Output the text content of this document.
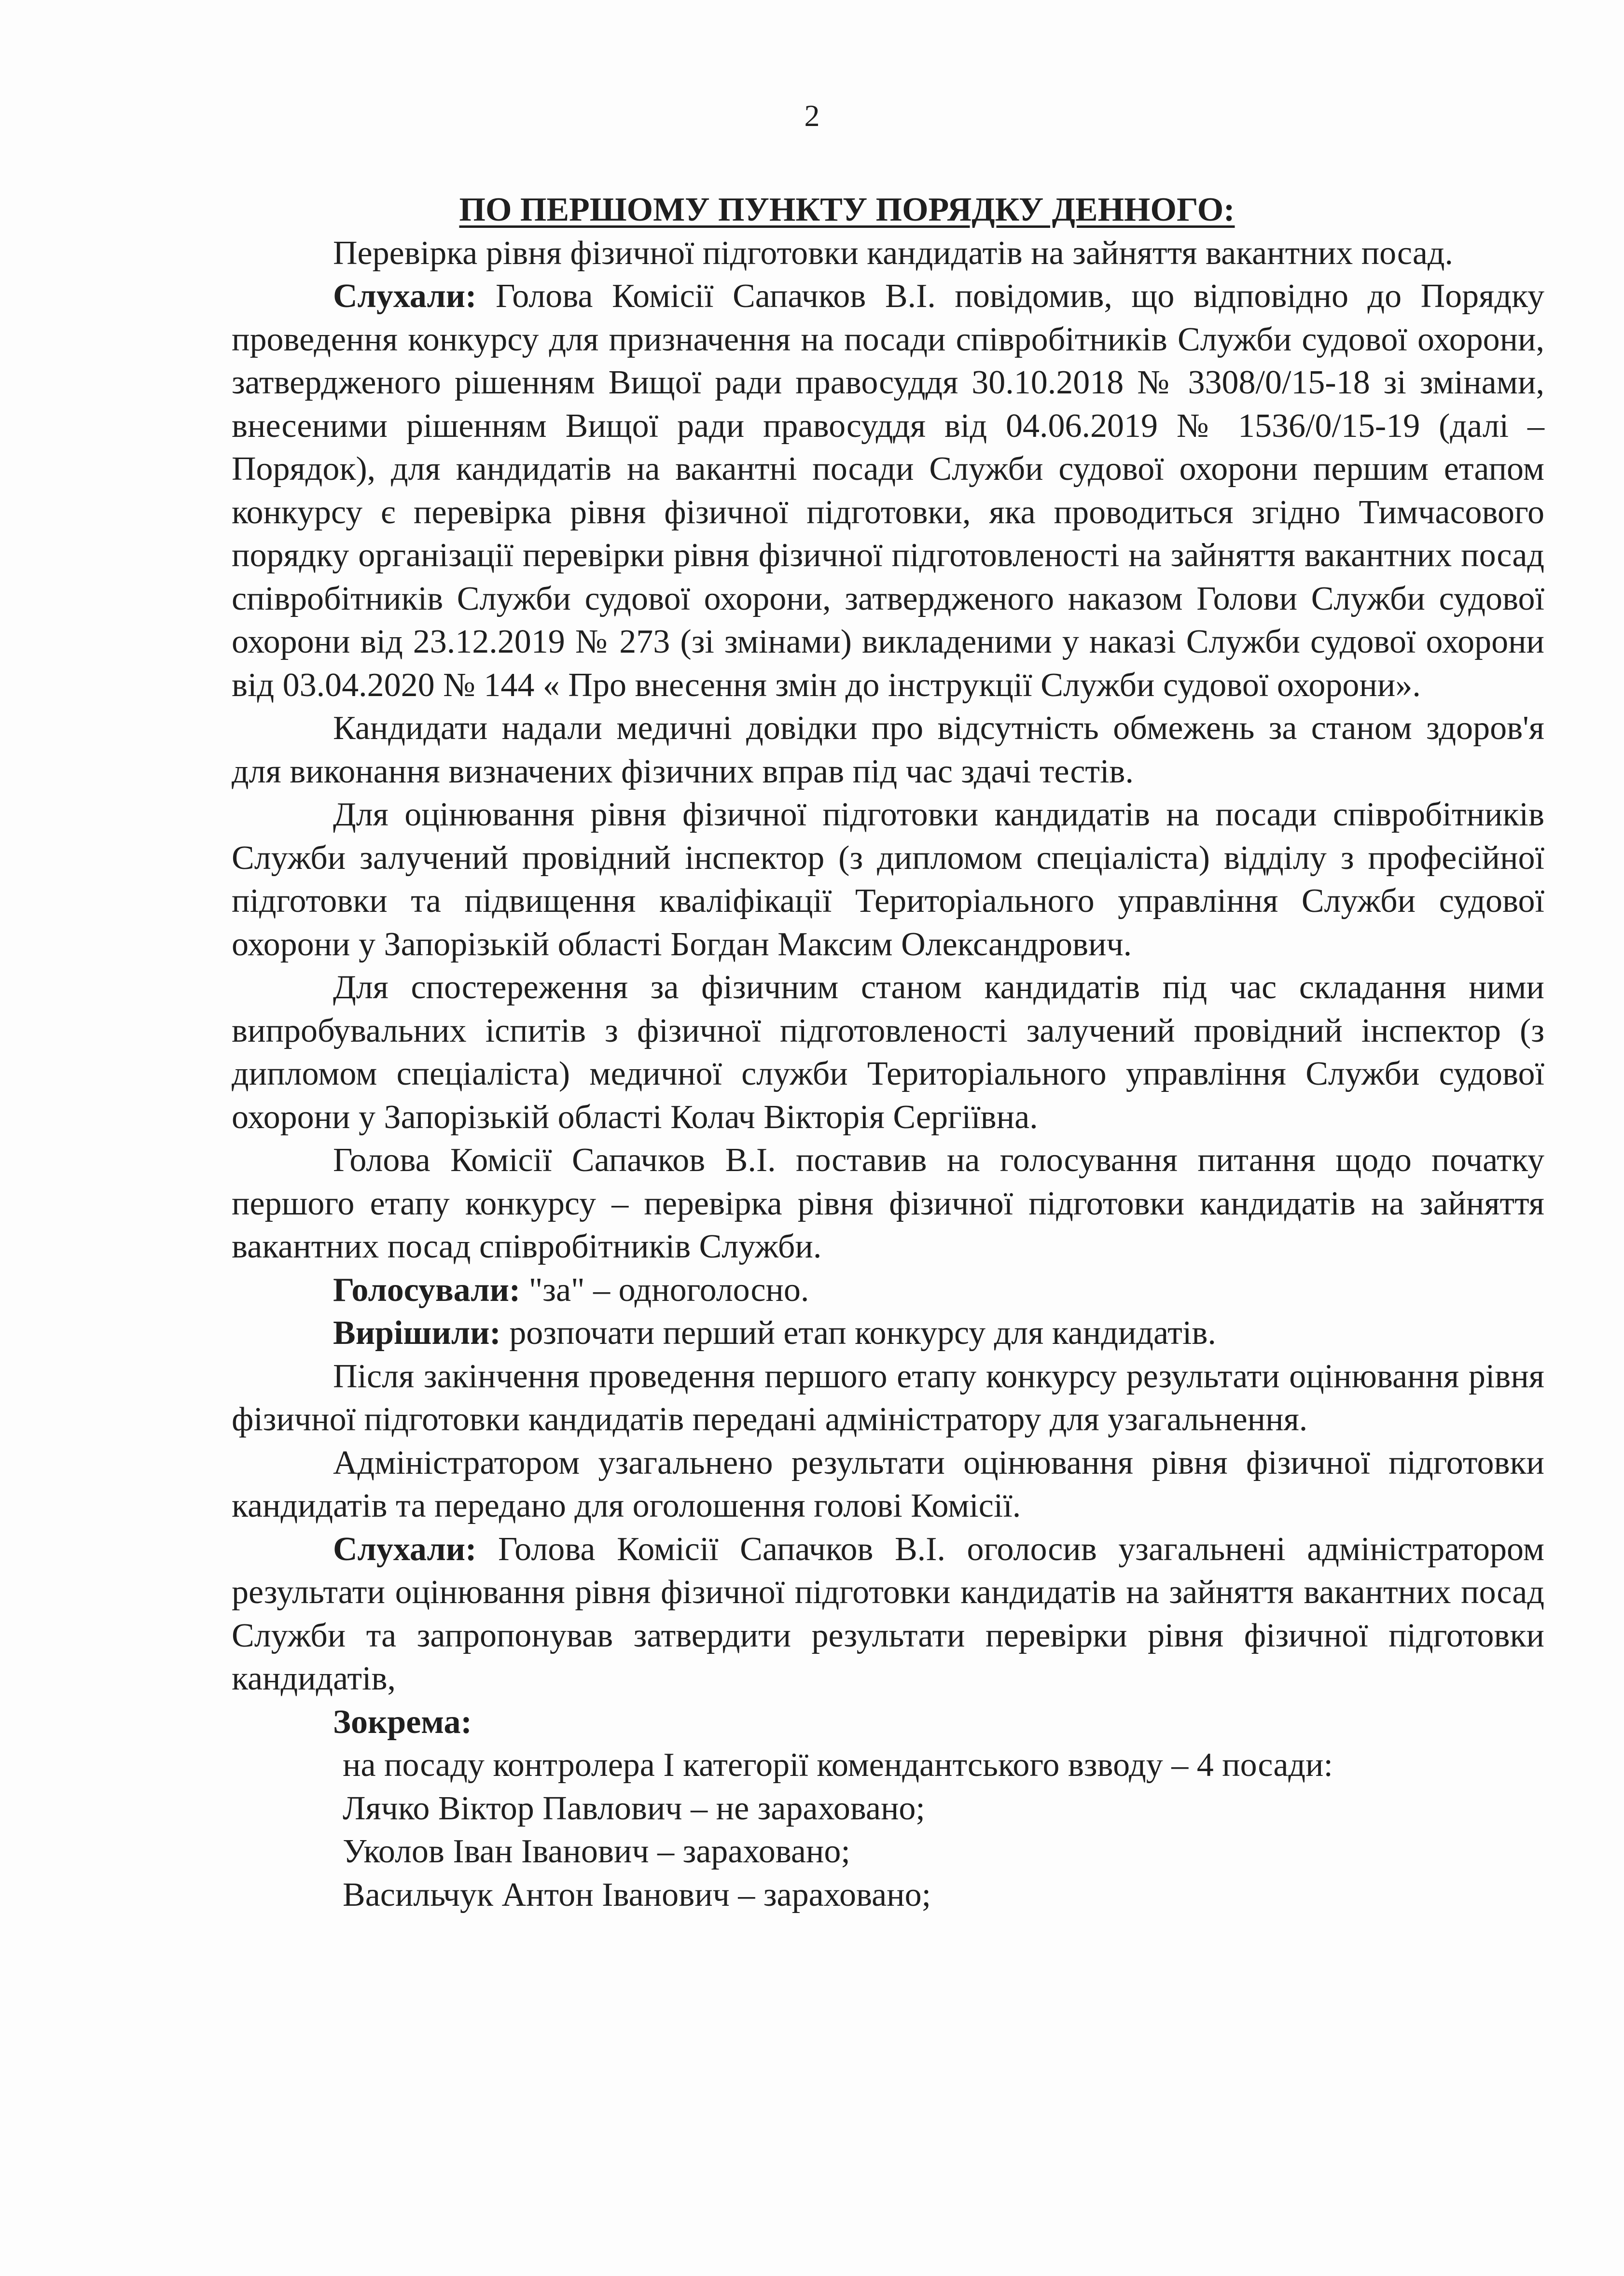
2
ПО ПЕРШОМУ ПУНКТУ ПОРЯДКУ ДЕННОГО:

Перевірка рівня фізичної підготовки кандидатів на зайняття вакантних посад.

Слухали: Голова Комісії Сапачков В.І. повідомив, що відповідно до Порядку проведення конкурсу для призначення на посади співробітників Служби судової охорони, затвердженого рішенням Вищої ради правосуддя 30.10.2018 № 3308/0/15-18 зі змінами, внесеними рішенням Вищої ради правосуддя від 04.06.2019 № 1536/0/15-19 (далі – Порядок), для кандидатів на вакантні посади Служби судової охорони першим етапом конкурсу є перевірка рівня фізичної підготовки, яка проводиться згідно Тимчасового порядку організації перевірки рівня фізичної підготовленості на зайняття вакантних посад співробітників Служби судової охорони, затвердженого наказом Голови Служби судової охорони від 23.12.2019 № 273 (зі змінами) викладеними у наказі Служби судової охорони від 03.04.2020 № 144 « Про внесення змін до інструкції Служби судової охорони».

Кандидати надали медичні довідки про відсутність обмежень за станом здоров'я для виконання визначених фізичних вправ під час здачі тестів.

Для оцінювання рівня фізичної підготовки кандидатів на посади співробітників Служби залучений провідний інспектор (з дипломом спеціаліста) відділу з професійної підготовки та підвищення кваліфікації Територіального управління Служби судової охорони у Запорізькій області Богдан Максим Олександрович.

Для спостереження за фізичним станом кандидатів під час складання ними випробувальних іспитів з фізичної підготовленості залучений провідний інспектор (з дипломом спеціаліста) медичної служби Територіального управління Служби судової охорони у Запорізькій області Колач Вікторія Сергіївна.

Голова Комісії Сапачков В.І. поставив на голосування питання щодо початку першого етапу конкурсу – перевірка рівня фізичної підготовки кандидатів на зайняття вакантних посад співробітників Служби.

Голосували: "за" – одноголосно.

Вирішили: розпочати перший етап конкурсу для кандидатів.

Після закінчення проведення першого етапу конкурсу результати оцінювання рівня фізичної підготовки кандидатів передані адміністратору для узагальнення.

Адміністратором узагальнено результати оцінювання рівня фізичної підготовки кандидатів та передано для оголошення голові Комісії.

Слухали: Голова Комісії Сапачков В.І. оголосив узагальнені адміністратором результати оцінювання рівня фізичної підготовки кандидатів на зайняття вакантних посад Служби та запропонував затвердити результати перевірки рівня фізичної підготовки кандидатів,

Зокрема:

на посаду контролера І категорії комендантського взводу – 4 посади:
Лячко Віктор Павлович – не зараховано;
Уколов Іван Іванович – зараховано;
Васильчук Антон Іванович – зараховано;
